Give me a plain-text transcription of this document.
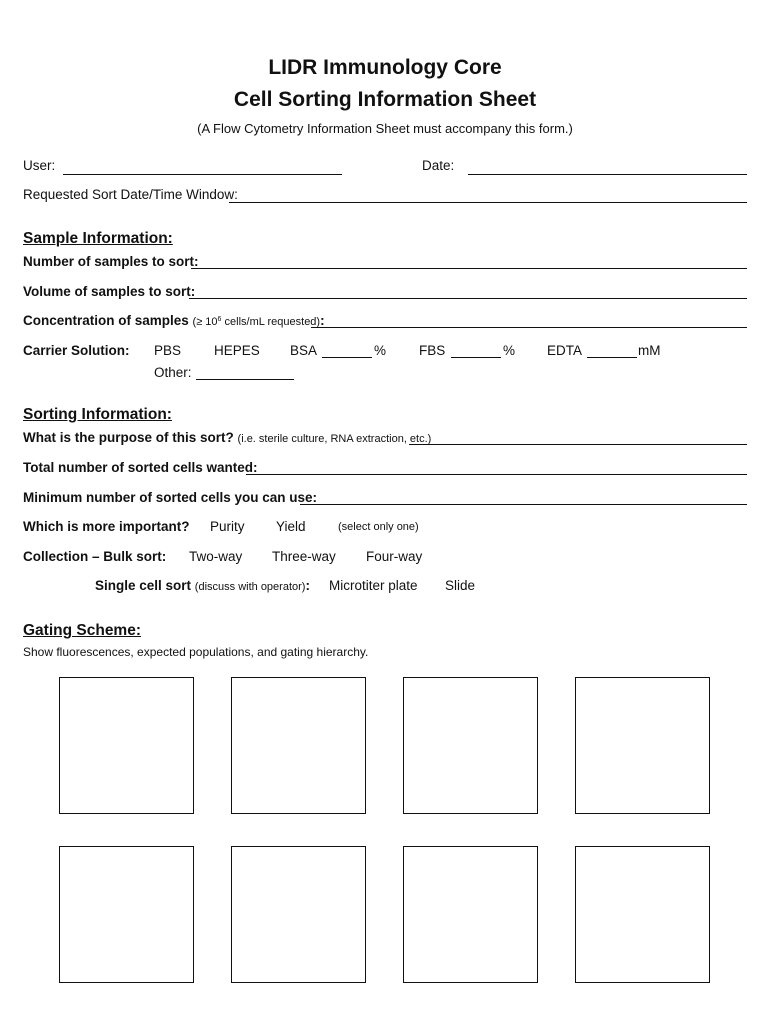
LIDR Immunology Core
Cell Sorting Information Sheet
(A Flow Cytometry Information Sheet must accompany this form.)
User:	Date:
Requested Sort Date/Time Window:
Sample Information:
Number of samples to sort:
Volume of samples to sort:
Concentration of samples (≥ $10^6$ cells/mL requested):
Carrier Solution: PBS HEPES BSA	% FBS	% EDTA	mM
Other:
Sorting Information:
What is the purpose of this sort? (i.e. sterile culture, RNA extraction, etc.)
Total number of sorted cells wanted:
Minimum number of sorted cells you can use:
Which is more important? Purity Yield	(select only one)
Collection – Bulk sort: Two-way Three-way Four-way
Single cell sort (discuss with operator): Microtiter plate Slide
Gating Scheme:
Show fluorescences, expected populations, and gating hierarchy.
